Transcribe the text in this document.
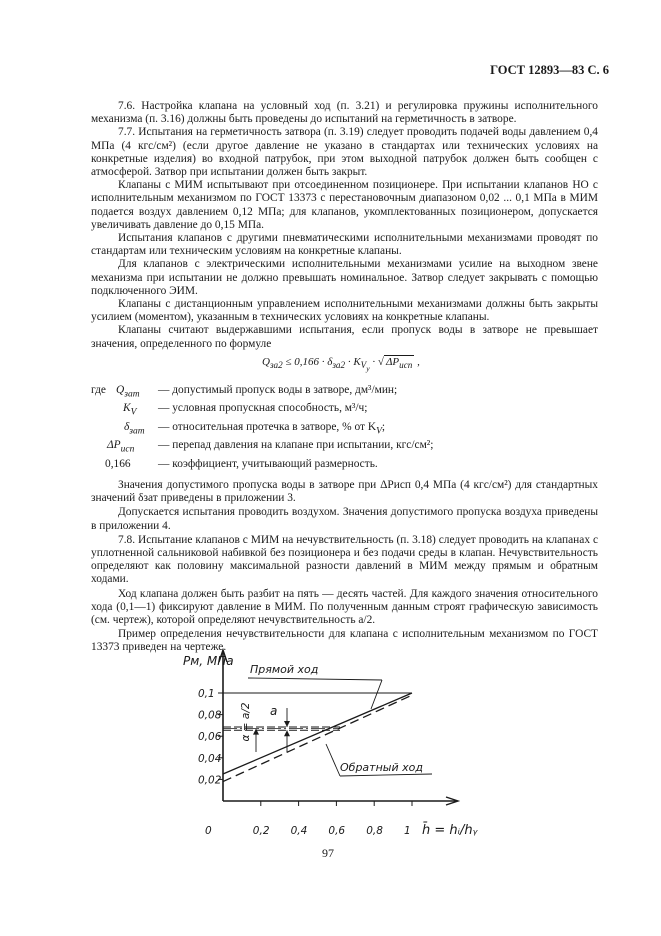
ГОСТ 12893—83 С. 6

7.6. Настройка клапана на условный ход (п. 3.21) и регулировка пружины исполнительного механизма (п. 3.16) должны быть проведены до испытаний на герметичность в затворе.

7.7. Испытания на герметичность затвора (п. 3.19) следует проводить подачей воды давлением 0,4 МПа (4 кгс/см²) (если другое давление не указано в стандартах или технических условиях на конкретные изделия) во входной патрубок, при этом выходной патрубок должен быть сообщен с атмосферой. Затвор при испытании должен быть закрыт.

Клапаны с МИМ испытывают при отсоединенном позиционере. При испытании клапанов НО с исполнительным механизмом по ГОСТ 13373 с перестановочным диапазоном 0,02 ... 0,1 МПа в МИМ подается воздух давлением 0,12 МПа; для клапанов, укомплектованных позиционером, допускается увеличивать давление до 0,15 МПа.

Испытания клапанов с другими пневматическими исполнительными механизмами проводят по стандартам или техническим условиям на конкретные клапаны.

Для клапанов с электрическими исполнительными механизмами усилие на выходном звене механизма при испытании не должно превышать номинальное. Затвор следует закрывать с помощью подключенного ЭИМ.

Клапаны с дистанционным управлением исполнительными механизмами должны быть закрыты усилием (моментом), указанным в технических условиях на конкретные клапаны.

Клапаны считают выдержавшими испытания, если пропуск воды в затворе не превышает значения, определенного по формуле

$Q_{за2} \le 0,166 \cdot \delta_{за2} \cdot K_{V_y}$ · √ $\Delta P_{исп}$ ,
где $Q_{зат}$ — допустимый пропуск воды в затворе, дм³/мин;
$K_V$ — условная пропускная способность, м³/ч;
$\delta_{зат}$ — относительная протечка в затворе, % от $K_V$;
$\Delta P_{исп}$ — перепад давления на клапане при испытании, кгс/см²;
0,166 — коэффициент, учитывающий размерность.

Значения допустимого пропуска воды в затворе при ΔPисп 0,4 МПа (4 кгс/см²) для стандартных значений δзат приведены в приложении 3.

Допускается испытания проводить воздухом. Значения допустимого пропуска воздуха приведены в приложении 4.

7.8. Испытание клапанов с МИМ на нечувствительность (п. 3.18) следует проводить на клапанах с уплотненной сальниковой набивкой без позиционера и без подачи среды в клапан. Нечувствительность определяют как половину максимальной разности давлений в МИМ между прямым и обратным ходами.

Ход клапана должен быть разбит на пять — десять частей. Для каждого значения относительного хода (0,1—1) фиксируют давление в МИМ. По полученным данным строят графическую зависимость (см. чертеж), которой определяют нечувствительность a/2.

Пример определения нечувствительности для клапана с исполнительным механизмом по ГОСТ 13373 приведен на чертеже.

Pм, МПа
h̄ = hᵢ/hᵧ
0,02
0,04
0,06
0,08
0,1
0	0,2 0,4 0,6 0,8 1
a
α = a/2
Прямой ход
Обратный ход
97
